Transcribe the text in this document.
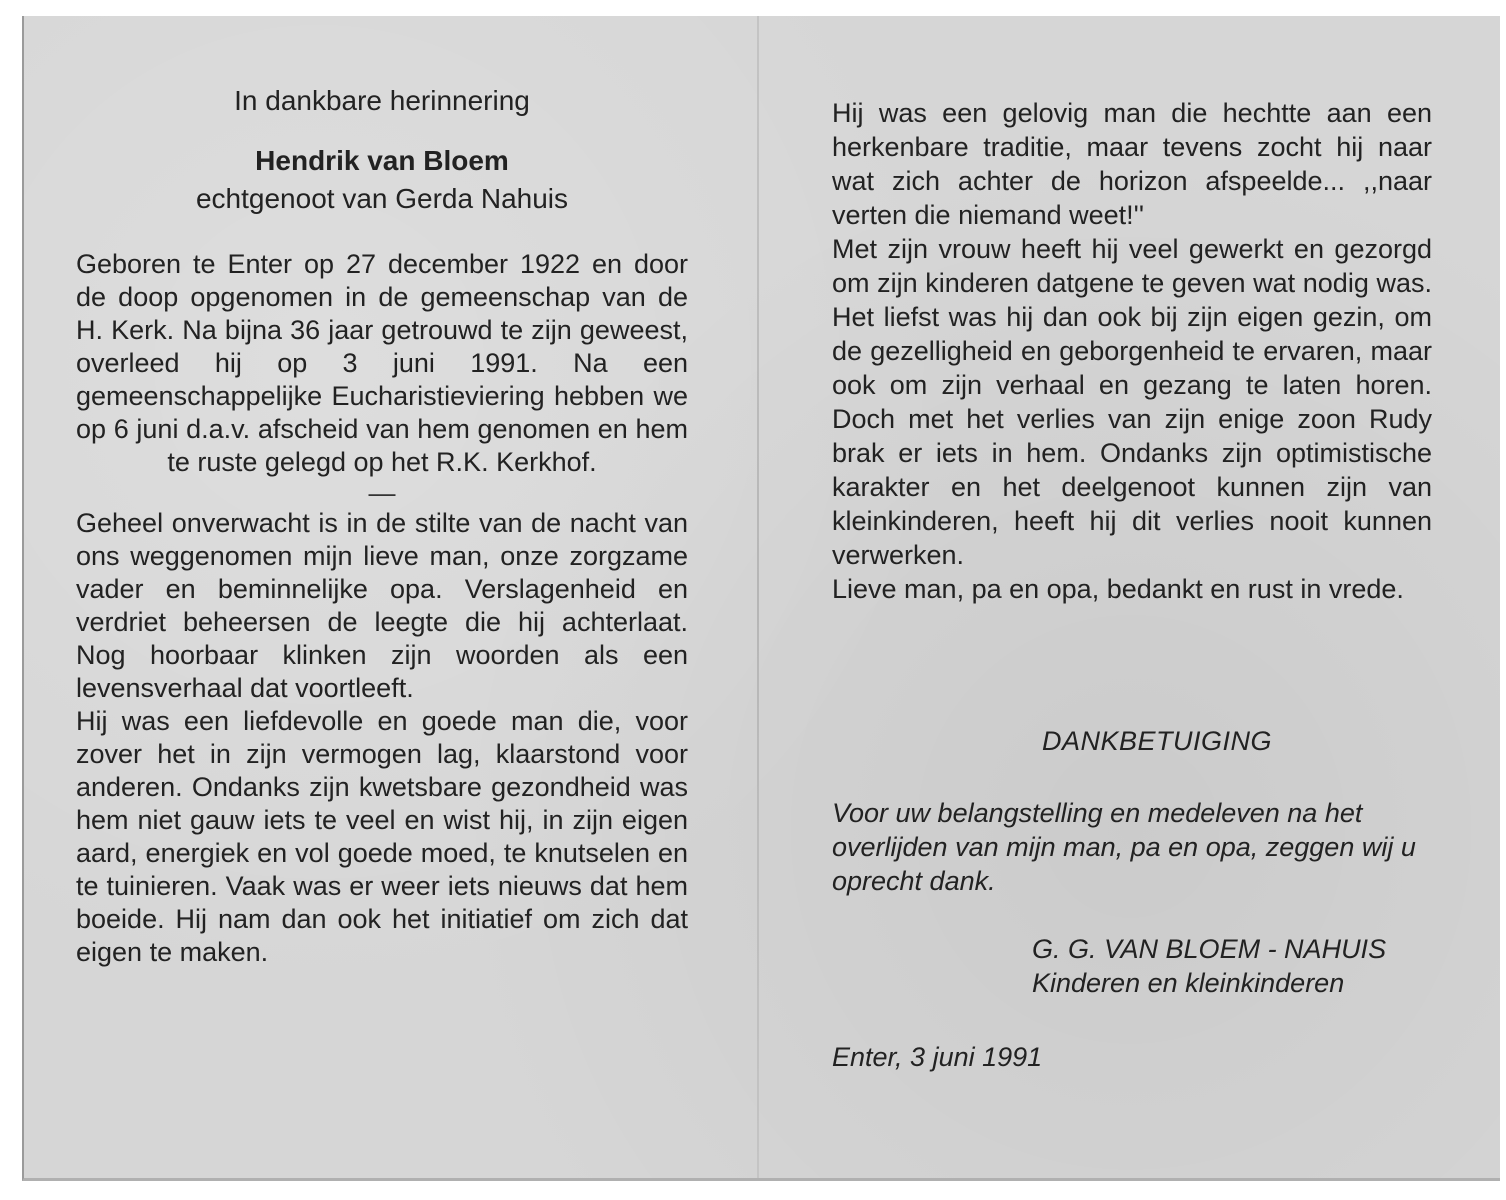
In dankbare herinnering

Hendrik van Bloem

echtgenoot van Gerda Nahuis

Geboren te Enter op 27 december 1922 en door de doop opgenomen in de gemeenschap van de H. Kerk. Na bijna 36 jaar getrouwd te zijn geweest, overleed hij op 3 juni 1991. Na een gemeenschappelijke Eucharistieviering hebben we op 6 juni d.a.v. afscheid van hem genomen en hem te ruste gelegd op het R.K. Kerkhof.

—

Geheel onverwacht is in de stilte van de nacht van ons weggenomen mijn lieve man, onze zorgzame vader en beminnelijke opa. Verslagenheid en verdriet beheersen de leegte die hij achterlaat. Nog hoorbaar klinken zijn woorden als een levensverhaal dat voortleeft.

Hij was een liefdevolle en goede man die, voor zover het in zijn vermogen lag, klaarstond voor anderen. Ondanks zijn kwetsbare gezondheid was hem niet gauw iets te veel en wist hij, in zijn eigen aard, energiek en vol goede moed, te knutselen en te tuinieren. Vaak was er weer iets nieuws dat hem boeide. Hij nam dan ook het initiatief om zich dat eigen te maken.

Hij was een gelovig man die hechtte aan een herkenbare traditie, maar tevens zocht hij naar wat zich achter de horizon afspeelde... ,,naar verten die niemand weet!''

Met zijn vrouw heeft hij veel gewerkt en gezorgd om zijn kinderen datgene te geven wat nodig was. Het liefst was hij dan ook bij zijn eigen gezin, om de gezelligheid en geborgenheid te ervaren, maar ook om zijn verhaal en gezang te laten horen. Doch met het verlies van zijn enige zoon Rudy brak er iets in hem. Ondanks zijn optimistische karakter en het deelgenoot kunnen zijn van kleinkinderen, heeft hij dit verlies nooit kunnen verwerken.

Lieve man, pa en opa, bedankt en rust in vrede.

DANKBETUIGING

Voor uw belangstelling en medeleven na het overlijden van mijn man, pa en opa, zeggen wij u oprecht dank.

G. G. VAN BLOEM - NAHUIS
Kinderen en kleinkinderen

Enter, 3 juni 1991
